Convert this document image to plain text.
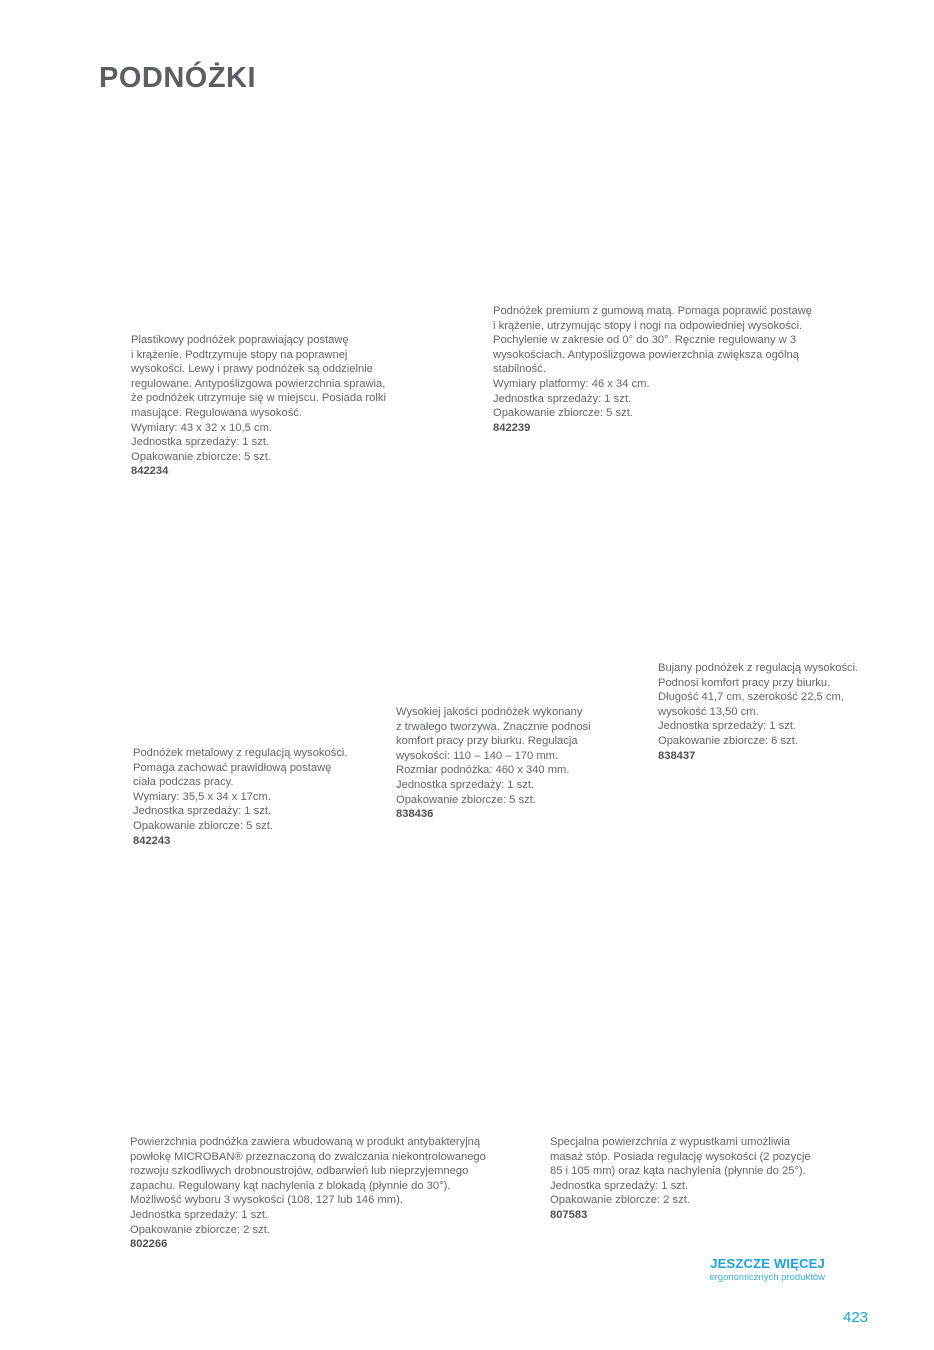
PODNÓŻKI
Plastikowy podnóżek poprawiający postawę
i krążenie. Podtrzymuje stopy na poprawnej
wysokości. Lewy i prawy podnóżek są oddzielnie
regulowane. Antypoślizgowa powierzchnia sprawia,
że podnóżek utrzymuje się w miejscu. Posiada rolki
masujące. Regulowana wysokość.
Wymiary: 43 x 32 x 10,5 cm.
Jednostka sprzedaży: 1 szt.
Opakowanie zbiorcze: 5 szt.
842234
Podnóżek premium z gumową matą. Pomaga poprawić postawę
i krążenie, utrzymując stopy i nogi na odpowiedniej wysokości.
Pochylenie w zakresie od 0° do 30°. Ręcznie regulowany w 3
wysokościach. Antypoślizgowa powierzchnia zwiększa ogólną
stabilność.
Wymiary platformy: 46 x 34 cm.
Jednostka sprzedaży: 1 szt.
Opakowanie zbiorcze: 5 szt.
842239
Podnóżek metalowy z regulacją wysokości.
Pomaga zachować prawidłową postawę
ciała podczas pracy.
Wymiary: 35,5 x 34 x 17cm.
Jednostka sprzedaży: 1 szt.
Opakowanie zbiorcze: 5 szt.
842243
Wysokiej jakości podnóżek wykonany
z trwałego tworzywa. Znacznie podnosi
komfort pracy przy biurku. Regulacja
wysokości: 110 – 140 – 170 mm.
Rozmiar podnóżka: 460 x 340 mm.
Jednostka sprzedaży: 1 szt.
Opakowanie zbiorcze: 5 szt.
838436
Bujany podnóżek z regulacją wysokości.
Podnosi komfort pracy przy biurku.
Długość 41,7 cm, szerokość 22,5 cm,
wysokość 13,50 cm.
Jednostka sprzedaży: 1 szt.
Opakowanie zbiorcze: 6 szt.
838437
Powierzchnia podnóżka zawiera wbudowaną w produkt antybakteryjną
powłokę MICROBAN® przeznaczoną do zwalczania niekontrolowanego
rozwoju szkodliwych drobnoustrojów, odbarwień lub nieprzyjemnego
zapachu. Regulowany kąt nachylenia z blokadą (płynnie do 30°).
Możliwość wyboru 3 wysokości (108, 127 lub 146 mm).
Jednostka sprzedaży: 1 szt.
Opakowanie zbiorcze: 2 szt.
802266
Specjalna powierzchnia z wypustkami umożliwia
masaż stóp. Posiada regulację wysokości (2 pozycje
85 i 105 mm) oraz kąta nachylenia (płynnie do 25°).
Jednostka sprzedaży: 1 szt.
Opakowanie zbiorcze: 2 szt.
807583
JESZCZE WIĘCEJ
ergonomicznych produktów
423
